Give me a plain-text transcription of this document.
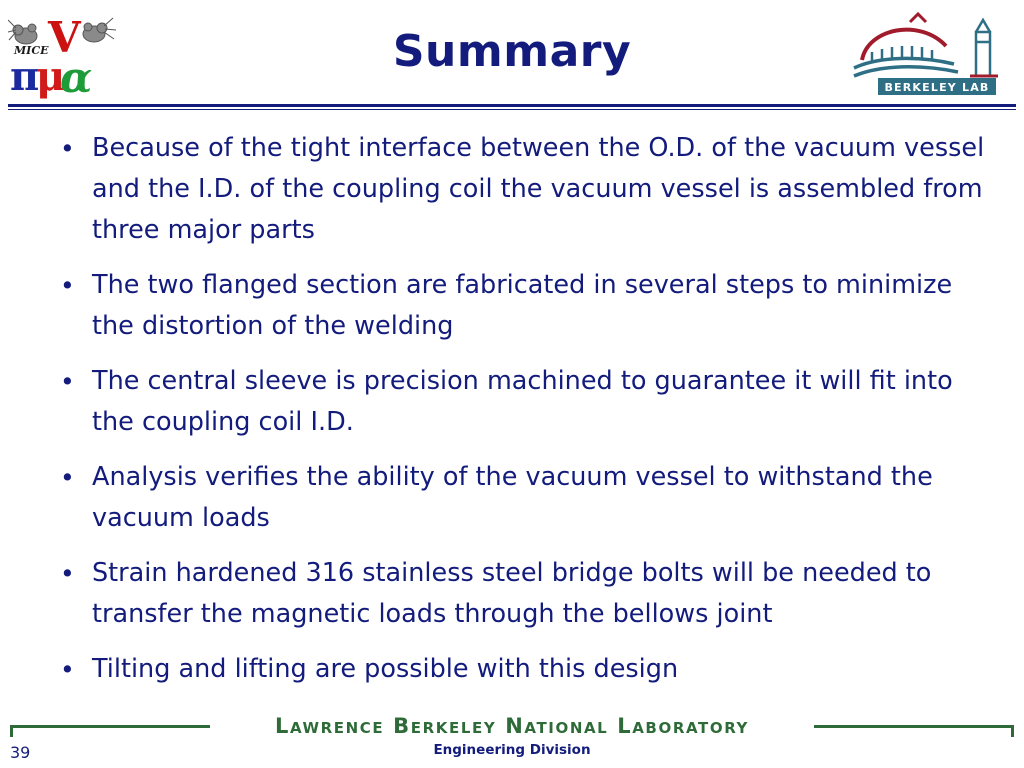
MICE
π
μ
α
V	Summary
BERKELEY LAB
• Because of the tight interface between the O.D. of the vacuum vessel and the I.D. of the coupling coil the vacuum vessel is assembled from three major parts
• The two flanged section are fabricated in several steps to minimize the distortion of the welding
• The central sleeve is precision machined to guarantee it will fit into the coupling coil I.D.
• Analysis verifies the ability of the vacuum vessel to withstand the vacuum loads
• Strain hardened 316 stainless steel bridge bolts will be needed to transfer the magnetic loads through the bellows joint
• Tilting and lifting are possible with this design
Lawrence Berkeley National Laboratory
Engineering Division
39
